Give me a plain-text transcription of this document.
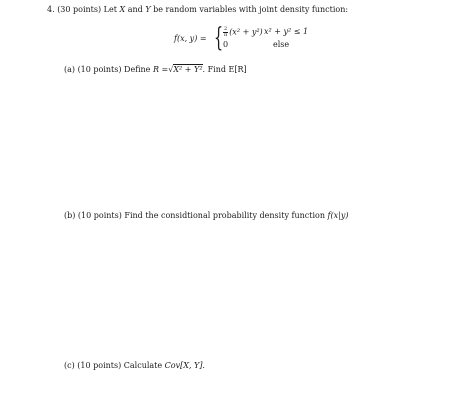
4. (30 points) Let X and Y be random variables with joint density function:
f(x, y) = { $\frac{2}{\pi} (x^2 + y^2) x^2 + y^2 \le 1$
0	else
(a) (10 points) Define R =√X² + Y². Find E[R]
(b) (10 points) Find the considtional probability density function f(x|y)
(c) (10 points) Calculate Cov[X, Y].
